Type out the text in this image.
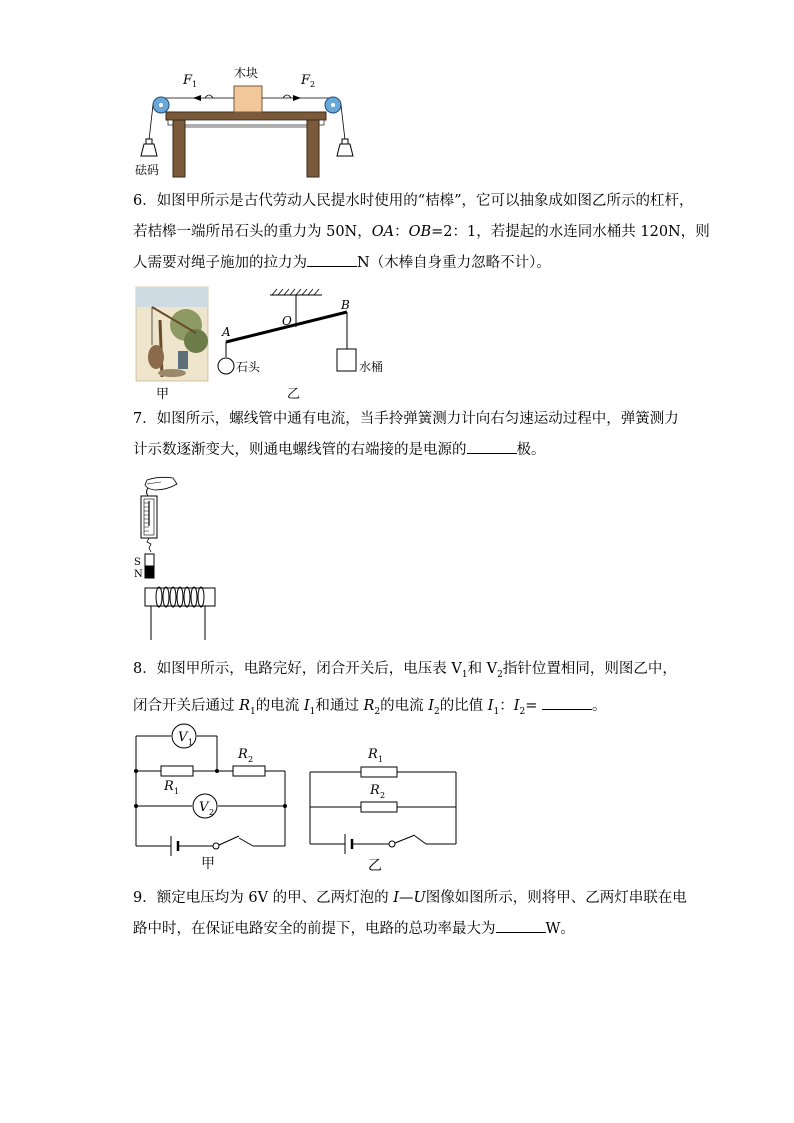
$F_1$	$F_2$
木块
砝码
6．如图甲所示是古代劳动人民提水时使用的“桔槔”，它可以抽象成如图乙所示的杠杆，
若桔槔一端所吊石头的重力为 50N，OA：OB=2：1，若提起的水连同水桶共 120N，则
人需要对绳子施加的拉力为	N（木棒自身重力忽略不计）。
甲
A
O
B
石头	水桶
乙
7．如图所示，螺线管中通有电流，当手拎弹簧测力计向右匀速运动过程中，弹簧测力
计示数逐渐变大，则通电螺线管的右端接的是电源的	极。
S
N
8．如图甲所示，电路完好，闭合开关后，电压表 $V_1$和 $V_2$指针位置相同，则图乙中，
闭合开关后通过 $R_1$的电流 $I_1$和通过 $R_2$的电流 $I_2$的比值 $I_1$：$I_2=$	。
V 1
R 2
R 1
V 2
甲
R 1
R 2
乙
9．额定电压均为 6V 的甲、乙两灯泡的 I—U图像如图所示，则将甲、乙两灯串联在电
路中时，在保证电路安全的前提下，电路的总功率最大为	W。
